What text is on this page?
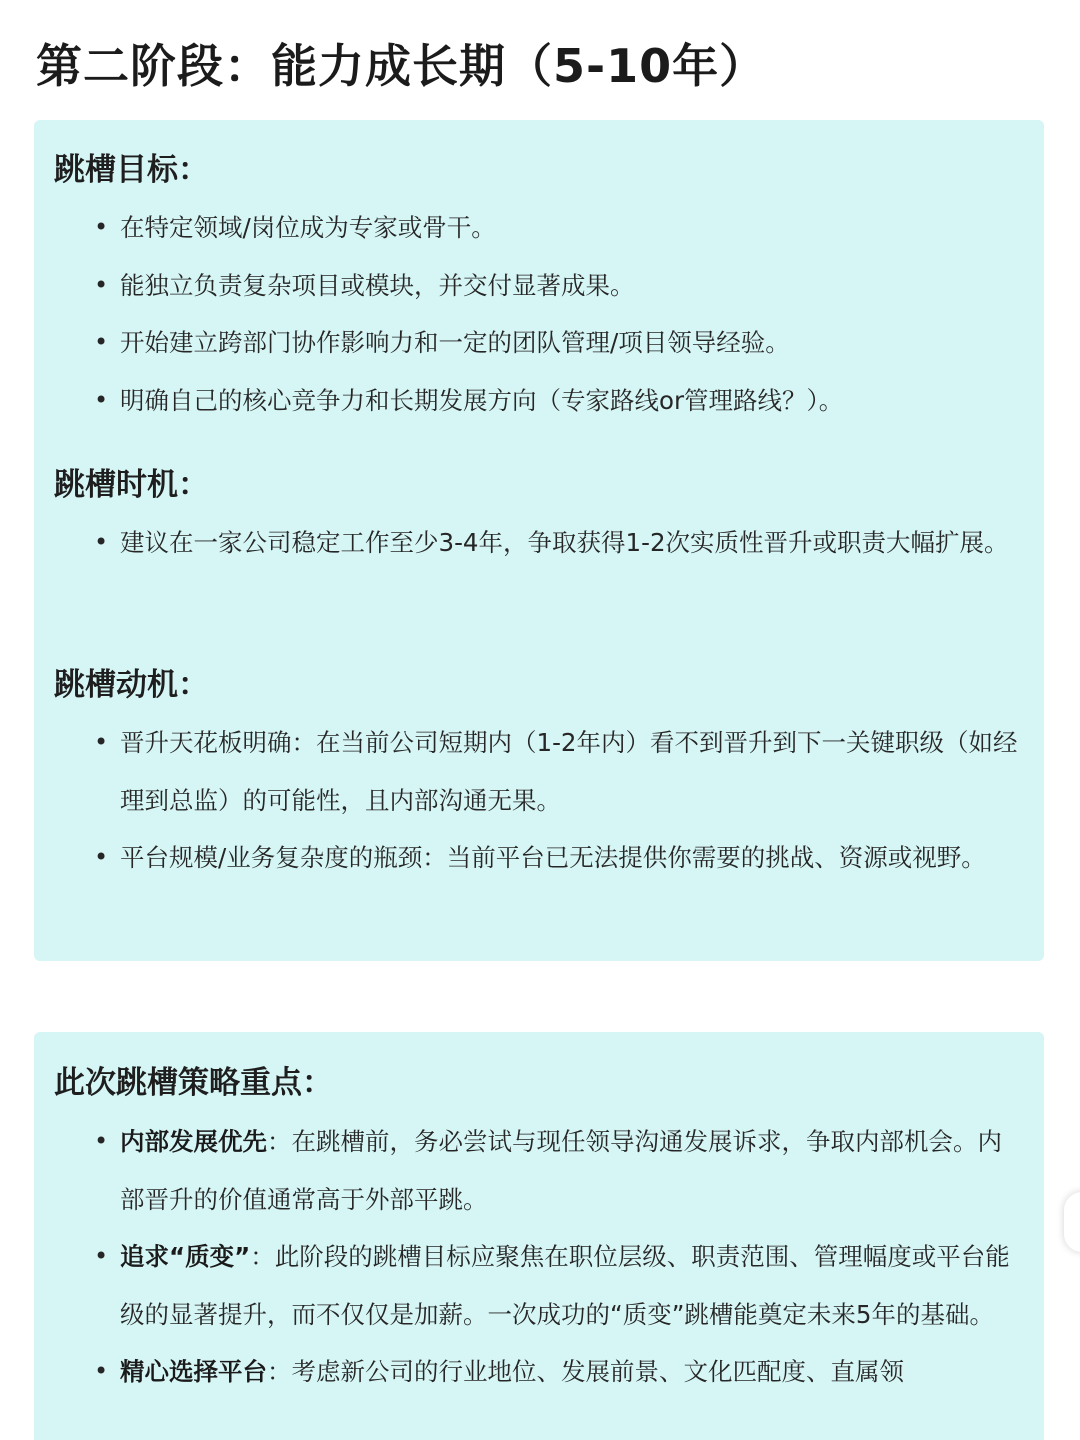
第二阶段：能力成长期（5-10年）
跳槽目标：
• 在特定领域/岗位成为专家或骨干。
• 能独立负责复杂项目或模块，并交付显著成果。
• 开始建立跨部门协作影响力和一定的团队管理/项目领导经验。
• 明确自己的核心竞争力和长期发展方向（专家路线or管理路线？）。
跳槽时机：
• 建议在一家公司稳定工作至少3-4年，争取获得1-2次实质性晋升或职责大幅扩展。
跳槽动机：
• 晋升天花板明确：在当前公司短期内（1-2年内）看不到晋升到下一关键职级（如经理到总监）的可能性，且内部沟通无果。
• 平台规模/业务复杂度的瓶颈：当前平台已无法提供你需要的挑战、资源或视野。
此次跳槽策略重点：
• 内部发展优先：在跳槽前，务必尝试与现任领导沟通发展诉求，争取内部机会。内部晋升的价值通常高于外部平跳。
• 追求“质变”：此阶段的跳槽目标应聚焦在职位层级、职责范围、管理幅度或平台能级的显著提升，而不仅仅是加薪。一次成功的“质变”跳槽能奠定未来5年的基础。
• 精心选择平台：考虑新公司的行业地位、发展前景、文化匹配度、直属领
